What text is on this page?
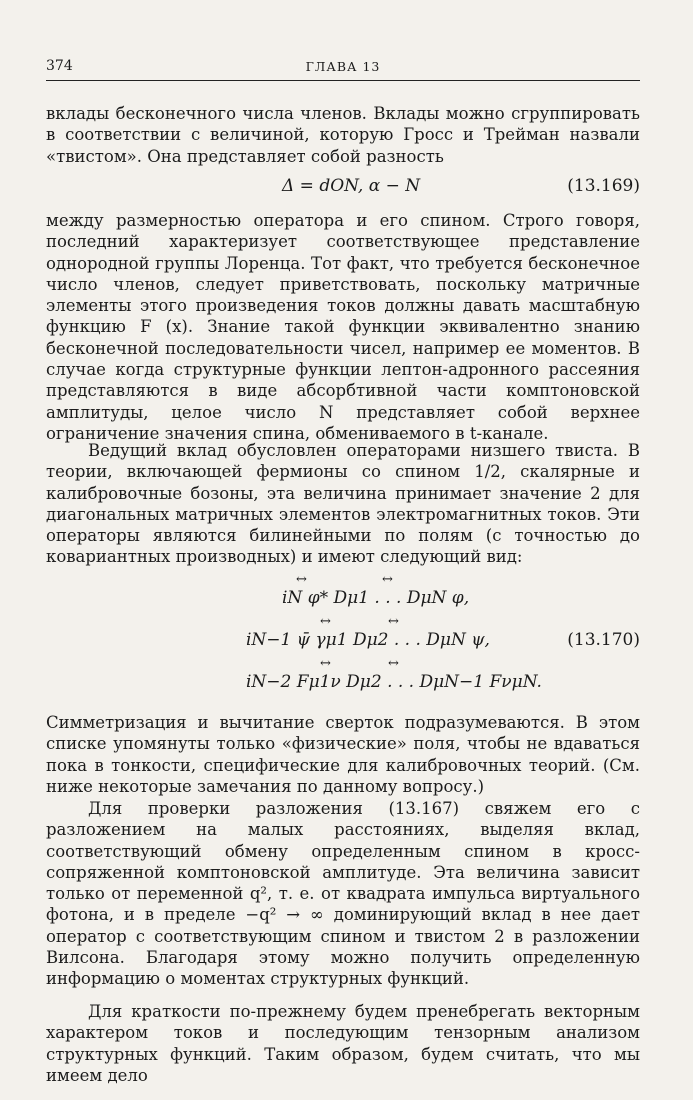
374	ГЛАВА 13

вклады бесконечного числа членов. Вклады можно сгруппировать в соответствии с величиной, которую Гросс и Трейман назвали «твистом». Она представляет собой разность

Δ = dON, α − N	(13.169)

между размерностью оператора и его спином. Строго говоря, последний характеризует соответствующее представление однородной группы Лоренца. Тот факт, что требуется бесконечное число членов, следует приветствовать, поскольку матричные элементы этого произведения токов должны давать масштабную функцию F (x). Знание такой функции эквивалентно знанию бесконечной последовательности чисел, например ее моментов. В случае когда структурные функции лептон-адронного рассеяния представляются в виде абсорбтивной части комптоновской амплитуды, целое число N представляет собой верхнее ограничение значения спина, обмениваемого в t-канале.

Ведущий вклад обусловлен операторами низшего твиста. В теории, включающей фермионы со спином 1/2, скалярные и калибровочные бозоны, эта величина принимает значение 2 для диагональных матричных элементов электромагнитных токов. Эти операторы являются билинейными по полям (с точностью до ковариантных производных) и имеют следующий вид:

↔	↔
iN φ* Dμ1 . . . DμN φ,
↔	↔
iN−1 ψ̄ γμ1 Dμ2 . . . DμN ψ,
↔	↔
iN−2 Fμ1ν Dμ2 . . . DμN−1 FνμN.
(13.170)

Симметризация и вычитание сверток подразумеваются. В этом списке упомянуты только «физические» поля, чтобы не вдаваться пока в тонкости, специфические для калибровочных теорий. (См. ниже некоторые замечания по данному вопросу.)

Для проверки разложения (13.167) свяжем его с разложением на малых расстояниях, выделяя вклад, соответствующий обмену определенным спином в кросс-сопряженной комптоновской амплитуде. Эта величина зависит только от переменной q², т. е. от квадрата импульса виртуального фотона, и в пределе −q² → ∞ доминирующий вклад в нее дает оператор с соответствующим спином и твистом 2 в разложении Вилсона. Благодаря этому можно получить определенную информацию о моментах структурных функций.

Для краткости по-прежнему будем пренебрегать векторным характером токов и последующим тензорным анализом структурных функций. Таким образом, будем считать, что мы имеем дело
